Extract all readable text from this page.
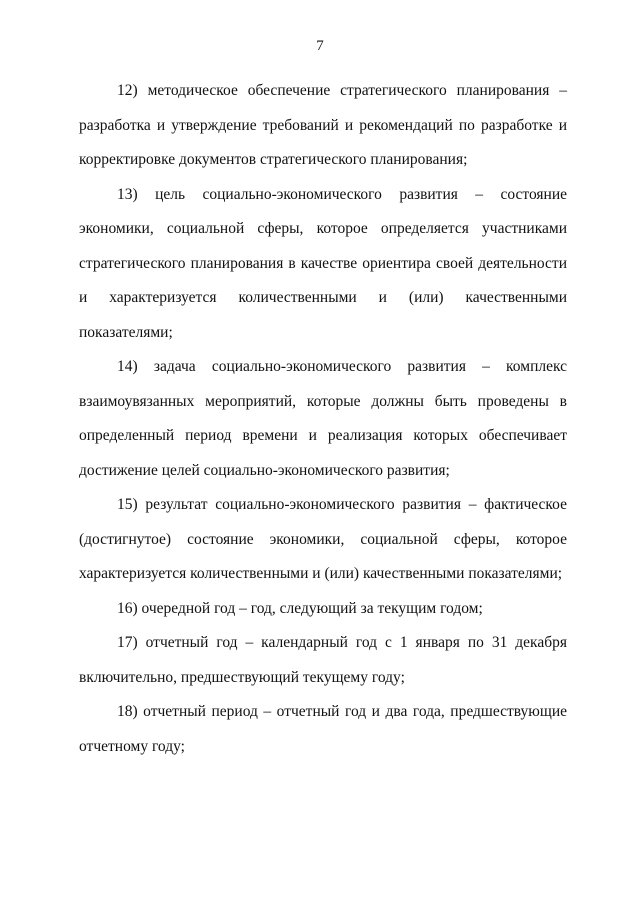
7

12) методическое обеспечение стратегического планирования – разработка и утверждение требований и рекомендаций по разработке и корректировке документов стратегического планирования;

13) цель социально-экономического развития – состояние экономики, социальной сферы, которое определяется участниками стратегического планирования в качестве ориентира своей деятельности и характеризуется количественными и (или) качественными показателями;

14) задача социально-экономического развития – комплекс взаимоувязанных мероприятий, которые должны быть проведены в определенный период времени и реализация которых обеспечивает достижение целей социально-экономического развития;

15) результат социально-экономического развития – фактическое (достигнутое) состояние экономики, социальной сферы, которое характеризуется количественными и (или) качественными показателями;

16) очередной год – год, следующий за текущим годом;

17) отчетный год – календарный год с 1 января по 31 декабря включительно, предшествующий текущему году;

18) отчетный период – отчетный год и два года, предшествующие отчетному году;
